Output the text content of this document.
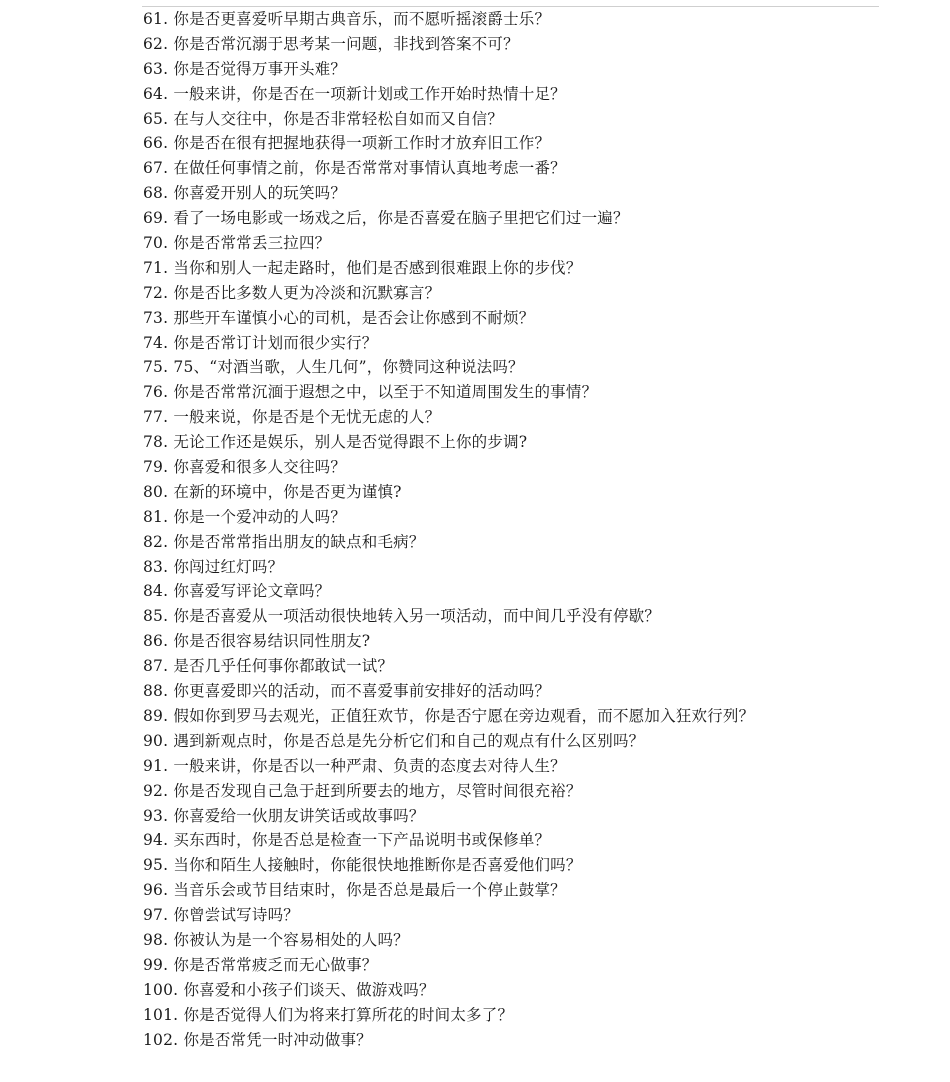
61. 你是否更喜爱听早期古典音乐，而不愿听摇滚爵士乐？
62. 你是否常沉溺于思考某一问题，非找到答案不可？
63. 你是否觉得万事开头难？
64. 一般来讲，你是否在一项新计划或工作开始时热情十足？
65. 在与人交往中，你是否非常轻松自如而又自信？
66. 你是否在很有把握地获得一项新工作时才放弃旧工作？
67. 在做任何事情之前，你是否常常对事情认真地考虑一番？
68. 你喜爱开别人的玩笑吗？
69. 看了一场电影或一场戏之后，你是否喜爱在脑子里把它们过一遍？
70. 你是否常常丢三拉四？
71. 当你和别人一起走路时，他们是否感到很难跟上你的步伐？
72. 你是否比多数人更为冷淡和沉默寡言？
73. 那些开车谨慎小心的司机，是否会让你感到不耐烦？
74. 你是否常订计划而很少实行？
75. 75、“对酒当歌，人生几何”，你赞同这种说法吗？
76. 你是否常常沉湎于遐想之中，以至于不知道周围发生的事情？
77. 一般来说，你是否是个无忧无虑的人？
78. 无论工作还是娱乐，别人是否觉得跟不上你的步调?
79. 你喜爱和很多人交往吗？
80. 在新的环境中，你是否更为谨慎?
81. 你是一个爱冲动的人吗？
82. 你是否常常指出朋友的缺点和毛病？
83. 你闯过红灯吗？
84. 你喜爱写评论文章吗？
85. 你是否喜爱从一项活动很快地转入另一项活动，而中间几乎没有停歇？
86. 你是否很容易结识同性朋友?
87. 是否几乎任何事你都敢试一试？
88. 你更喜爱即兴的活动，而不喜爱事前安排好的活动吗？
89. 假如你到罗马去观光，正值狂欢节，你是否宁愿在旁边观看，而不愿加入狂欢行列？
90. 遇到新观点时，你是否总是先分析它们和自己的观点有什么区别吗？
91. 一般来讲，你是否以一种严肃、负责的态度去对待人生？
92. 你是否发现自己急于赶到所要去的地方，尽管时间很充裕？
93. 你喜爱给一伙朋友讲笑话或故事吗？
94. 买东西时，你是否总是检查一下产品说明书或保修单？
95. 当你和陌生人接触时，你能很快地推断你是否喜爱他们吗？
96. 当音乐会或节目结束时，你是否总是最后一个停止鼓掌？
97. 你曾尝试写诗吗？
98. 你被认为是一个容易相处的人吗？
99. 你是否常常疲乏而无心做事？
100. 你喜爱和小孩子们谈天、做游戏吗？
101. 你是否觉得人们为将来打算所花的时间太多了？
102. 你是否常凭一时冲动做事？
